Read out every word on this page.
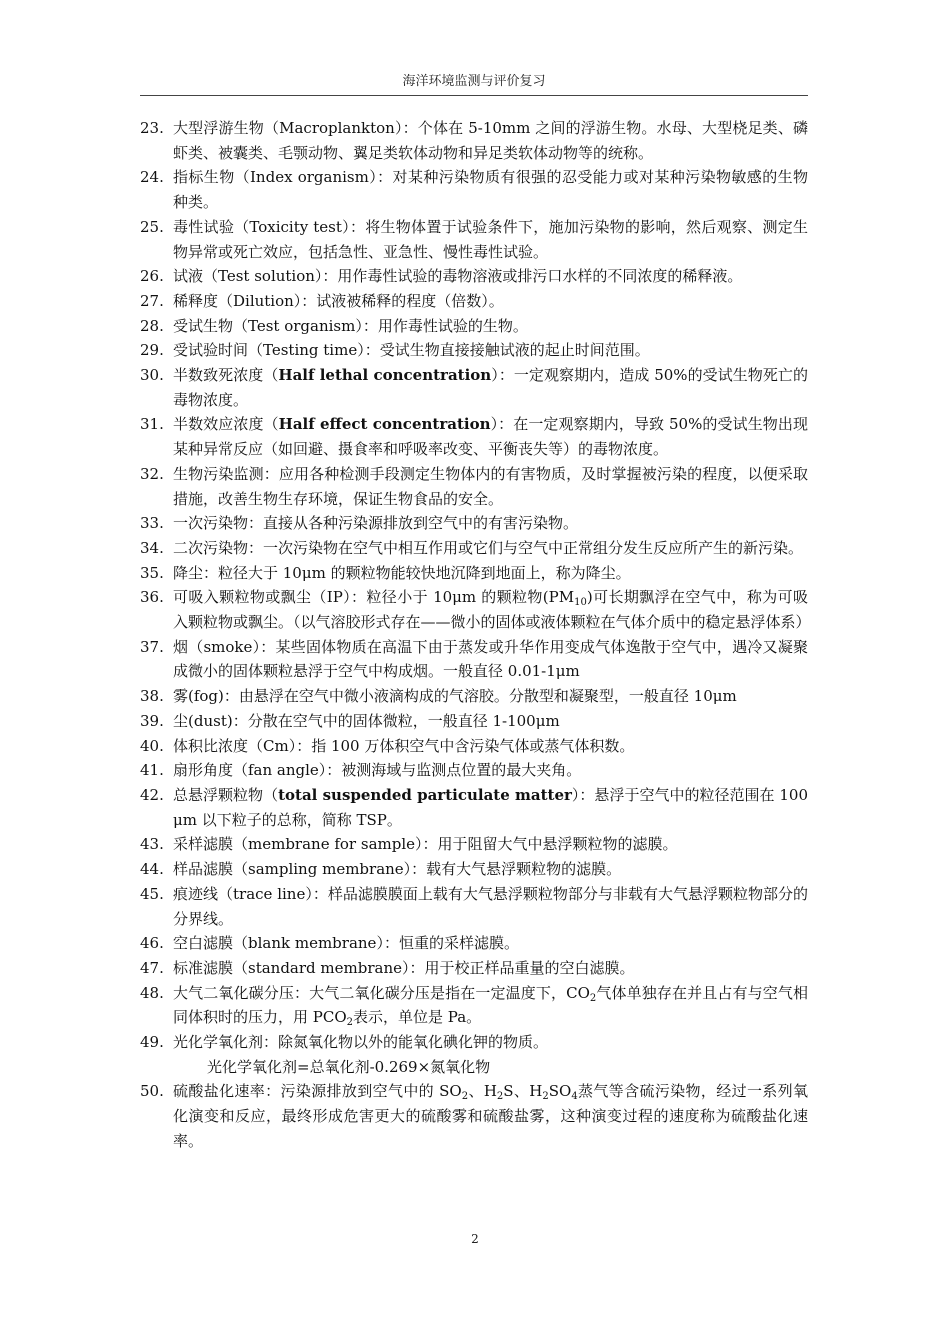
海洋环境监测与评价复习
23. 大型浮游生物（Macroplankton）：个体在 5-10mm 之间的浮游生物。水母、大型桡足类、磷虾类、被囊类、毛颚动物、翼足类软体动物和异足类软体动物等的统称。
24. 指标生物（Index organism）：对某种污染物质有很强的忍受能力或对某种污染物敏感的生物种类。
25. 毒性试验（Toxicity test）：将生物体置于试验条件下，施加污染物的影响，然后观察、测定生物异常或死亡效应，包括急性、亚急性、慢性毒性试验。
26. 试液（Test solution）：用作毒性试验的毒物溶液或排污口水样的不同浓度的稀释液。
27. 稀释度（Dilution）：试液被稀释的程度（倍数）。
28. 受试生物（Test organism）：用作毒性试验的生物。
29. 受试验时间（Testing time）：受试生物直接接触试液的起止时间范围。
30. 半数致死浓度（Half lethal concentration）：一定观察期内，造成 50%的受试生物死亡的毒物浓度。
31. 半数效应浓度（Half effect concentration）：在一定观察期内，导致 50%的受试生物出现某种异常反应（如回避、摄食率和呼吸率改变、平衡丧失等）的毒物浓度。
32. 生物污染监测：应用各种检测手段测定生物体内的有害物质，及时掌握被污染的程度，以便采取措施，改善生物生存环境，保证生物食品的安全。
33. 一次污染物：直接从各种污染源排放到空气中的有害污染物。
34. 二次污染物：一次污染物在空气中相互作用或它们与空气中正常组分发生反应所产生的新污染。
35. 降尘：粒径大于 10μm 的颗粒物能较快地沉降到地面上，称为降尘。
36. 可吸入颗粒物或飘尘（IP）：粒径小于 10μm 的颗粒物$(PM_{10})$可长期飘浮在空气中，称为可吸入颗粒物或飘尘。（以气溶胶形式存在——微小的固体或液体颗粒在气体介质中的稳定悬浮体系）
37. 烟（smoke）：某些固体物质在高温下由于蒸发或升华作用变成气体逸散于空气中，遇冷又凝聚成微小的固体颗粒悬浮于空气中构成烟。一般直径 0.01-1μm
38. 雾(fog)：由悬浮在空气中微小液滴构成的气溶胶。分散型和凝聚型，一般直径 10μm
39. 尘(dust)：分散在空气中的固体微粒，一般直径 1-100μm
40. 体积比浓度（Cm）：指 100 万体积空气中含污染气体或蒸气体积数。
41. 扇形角度（fan angle）：被测海域与监测点位置的最大夹角。
42. 总悬浮颗粒物（total suspended particulate matter）：悬浮于空气中的粒径范围在 100μm 以下粒子的总称，简称 TSP。
43. 采样滤膜（membrane for sample）：用于阻留大气中悬浮颗粒物的滤膜。
44. 样品滤膜（sampling membrane）：载有大气悬浮颗粒物的滤膜。
45. 痕迹线（trace line）：样品滤膜膜面上载有大气悬浮颗粒物部分与非载有大气悬浮颗粒物部分的分界线。
46. 空白滤膜（blank membrane）：恒重的采样滤膜。
47. 标准滤膜（standard membrane）：用于校正样品重量的空白滤膜。
48. 大气二氧化碳分压：大气二氧化碳分压是指在一定温度下，$CO_2$气体单独存在并且占有与空气相同体积时的压力，用 $PCO_2$表示，单位是 Pa。
49. 光化学氧化剂：除氮氧化物以外的能氧化碘化钾的物质。
光化学氧化剂=总氧化剂-0.269×氮氧化物
50. 硫酸盐化速率：污染源排放到空气中的 $SO_2$、$H_2S$、$H_2SO_4$蒸气等含硫污染物，经过一系列氧化演变和反应，最终形成危害更大的硫酸雾和硫酸盐雾，这种演变过程的速度称为硫酸盐化速率。
2
